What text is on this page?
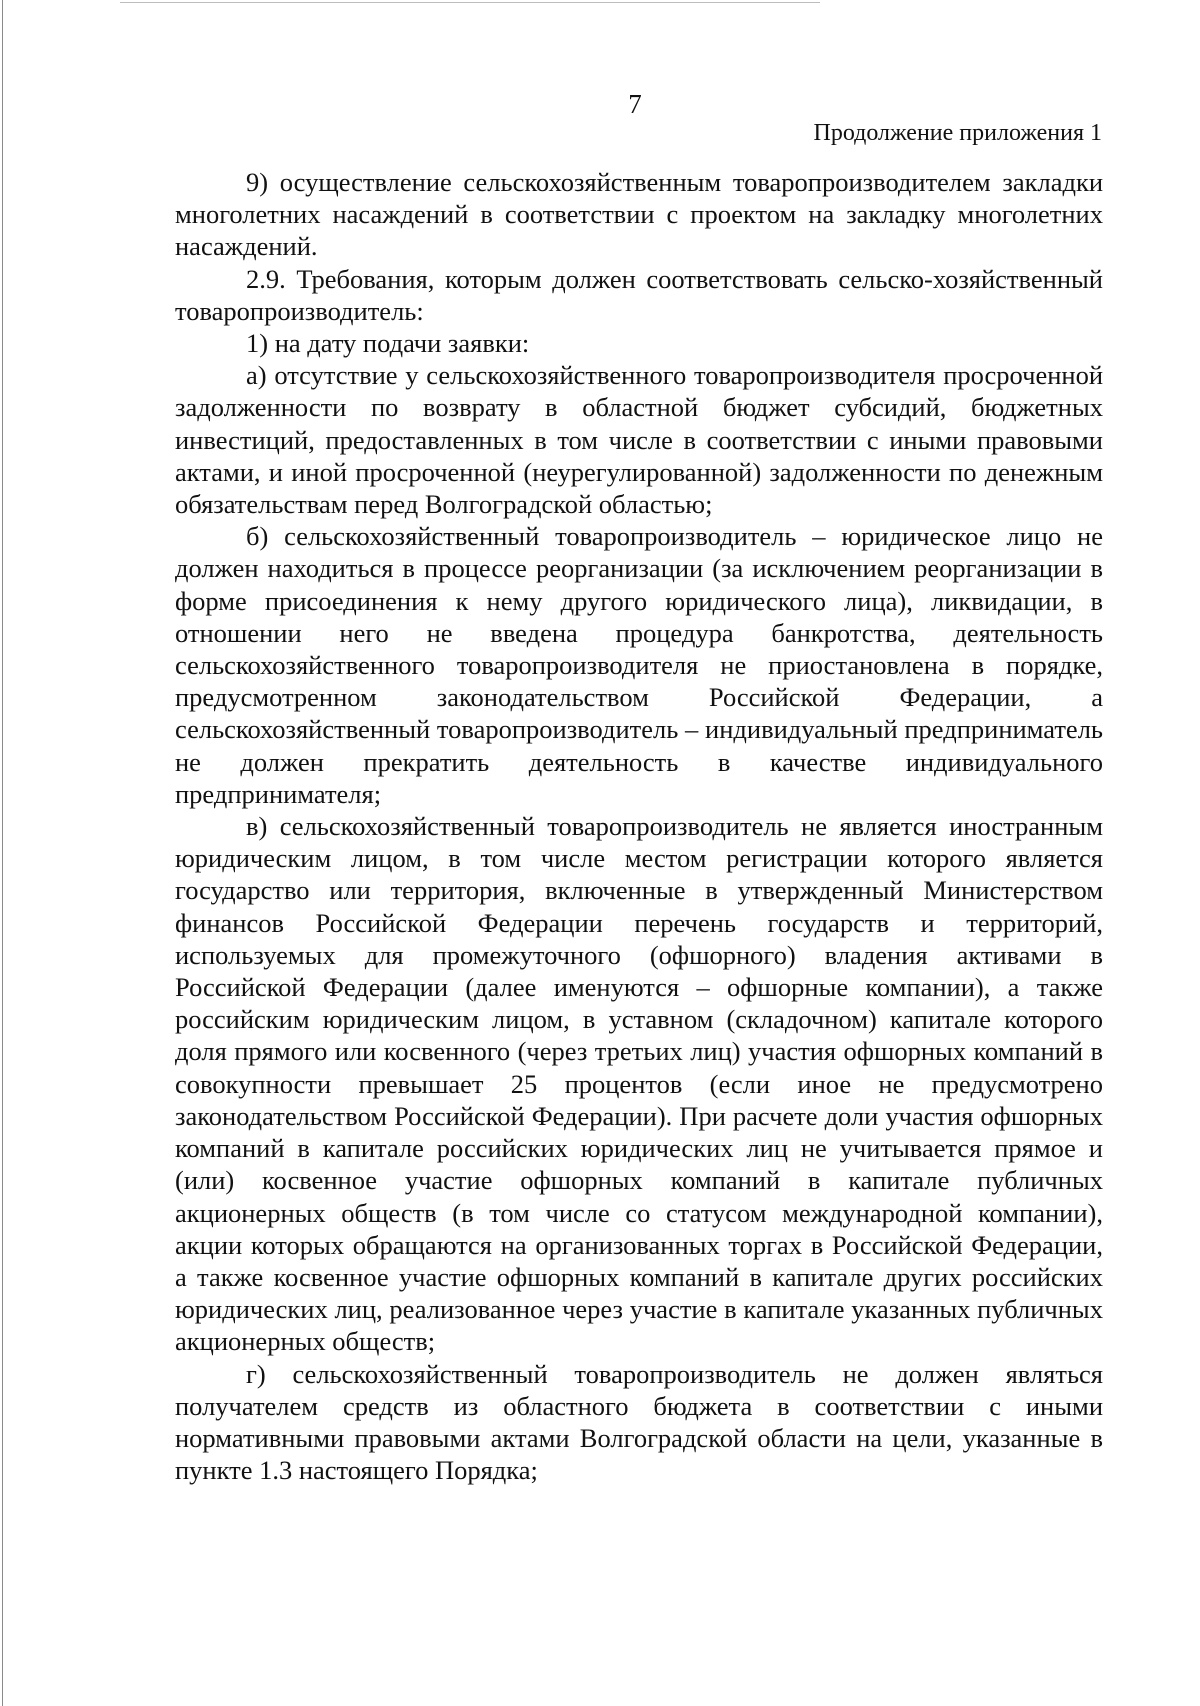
7
Продолжение приложения 1

9) осуществление сельскохозяйственным товаропроизводителем закладки многолетних насаждений в соответствии с проектом на закладку многолетних насаждений.

2.9. Требования, которым должен соответствовать сельско-хозяйственный товаропроизводитель:

1) на дату подачи заявки:

а) отсутствие у сельскохозяйственного товаропроизводителя просроченной задолженности по возврату в областной бюджет субсидий, бюджетных инвестиций, предоставленных в том числе в соответствии с иными правовыми актами, и иной просроченной (неурегулированной) задолженности по денежным обязательствам перед Волгоградской областью;

б) сельскохозяйственный товаропроизводитель – юридическое лицо не должен находиться в процессе реорганизации (за исключением реорганизации в форме присоединения к нему другого юридического лица), ликвидации, в отношении него не введена процедура банкротства, деятельность сельскохозяйственного товаропроизводителя не приостановлена в порядке, предусмотренном законодательством Российской Федерации, а сельскохозяйственный товаропроизводитель – индивидуальный предприниматель не должен прекратить деятельность в качестве индивидуального предпринимателя;

в) сельскохозяйственный товаропроизводитель не является иностранным юридическим лицом, в том числе местом регистрации которого является государство или территория, включенные в утвержденный Министерством финансов Российской Федерации перечень государств и территорий, используемых для промежуточного (офшорного) владения активами в Российской Федерации (далее именуются – офшорные компании), а также российским юридическим лицом, в уставном (складочном) капитале которого доля прямого или косвенного (через третьих лиц) участия офшорных компаний в совокупности превышает 25 процентов (если иное не предусмотрено законодательством Российской Федерации). При расчете доли участия офшорных компаний в капитале российских юридических лиц не учитывается прямое и (или) косвенное участие офшорных компаний в капитале публичных акционерных обществ (в том числе со статусом международной компании), акции которых обращаются на организованных торгах в Российской Федерации, а также косвенное участие офшорных компаний в капитале других российских юридических лиц, реализованное через участие в капитале указанных публичных акционерных обществ;

г) сельскохозяйственный товаропроизводитель не должен являться получателем средств из областного бюджета в соответствии с иными нормативными правовыми актами Волгоградской области на цели, указанные в пункте 1.3 настоящего Порядка;
